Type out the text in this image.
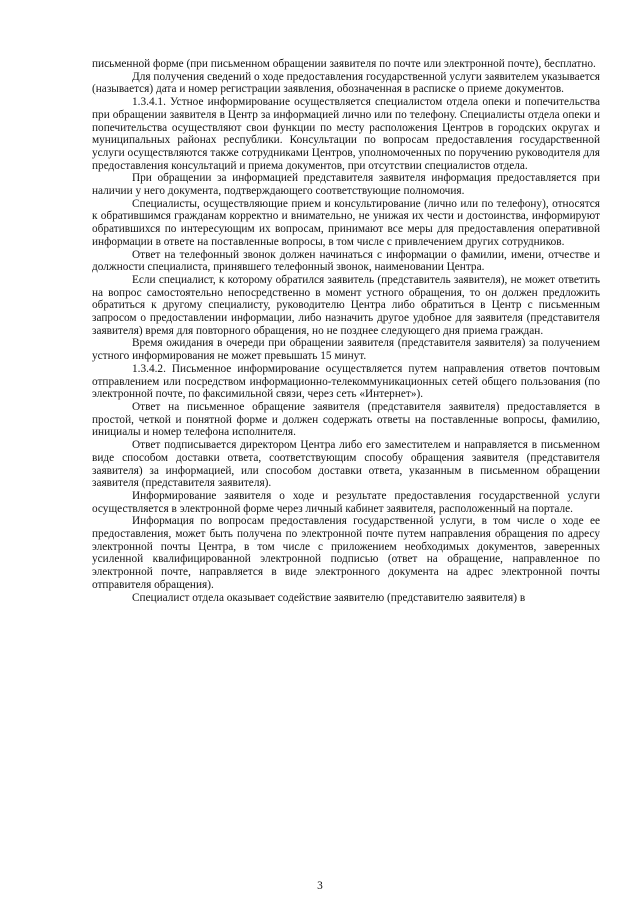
письменной форме (при письменном обращении заявителя по почте или электронной почте), бесплатно.

Для получения сведений о ходе предоставления государственной услуги заявителем указывается (называется) дата и номер регистрации заявления, обозначенная в расписке о приеме документов.

1.3.4.1. Устное информирование осуществляется специалистом отдела опеки и попечительства при обращении заявителя в Центр за информацией лично или по телефону. Специалисты отдела опеки и попечительства осуществляют свои функции по месту расположения Центров в городских округах и муниципальных районах республики. Консультации по вопросам предоставления государственной услуги осуществляются также сотрудниками Центров, уполномоченных по поручению руководителя для предоставления консультаций и приема документов, при отсутствии специалистов отдела.

При обращении за информацией представителя заявителя информация предоставляется при наличии у него документа, подтверждающего соответствующие полномочия.

Специалисты, осуществляющие прием и консультирование (лично или по телефону), относятся к обратившимся гражданам корректно и внимательно, не унижая их чести и достоинства, информируют обратившихся по интересующим их вопросам, принимают все меры для предоставления оперативной информации в ответе на поставленные вопросы, в том числе с привлечением других сотрудников.

Ответ на телефонный звонок должен начинаться с информации о фамилии, имени, отчестве и должности специалиста, принявшего телефонный звонок, наименовании Центра.

Если специалист, к которому обратился заявитель (представитель заявителя), не может ответить на вопрос самостоятельно непосредственно в момент устного обращения, то он должен предложить обратиться к другому специалисту, руководителю Центра либо обратиться в Центр с письменным запросом о предоставлении информации, либо назначить другое удобное для заявителя (представителя заявителя) время для повторного обращения, но не позднее следующего дня приема граждан.

Время ожидания в очереди при обращении заявителя (представителя заявителя) за получением устного информирования не может превышать 15 минут.

1.3.4.2. Письменное информирование осуществляется путем направления ответов почтовым отправлением или посредством информационно-телекоммуникационных сетей общего пользования (по электронной почте, по факсимильной связи, через сеть «Интернет»).

Ответ на письменное обращение заявителя (представителя заявителя) предоставляется в простой, четкой и понятной форме и должен содержать ответы на поставленные вопросы, фамилию, инициалы и номер телефона исполнителя.

Ответ подписывается директором Центра либо его заместителем и направляется в письменном виде способом доставки ответа, соответствующим способу обращения заявителя (представителя заявителя) за информацией, или способом доставки ответа, указанным в письменном обращении заявителя (представителя заявителя).

Информирование заявителя о ходе и результате предоставления государственной услуги осуществляется в электронной форме через личный кабинет заявителя, расположенный на портале.

Информация по вопросам предоставления государственной услуги, в том числе о ходе ее предоставления, может быть получена по электронной почте путем направления обращения по адресу электронной почты Центра, в том числе с приложением необходимых документов, заверенных усиленной квалифицированной электронной подписью (ответ на обращение, направленное по электронной почте, направляется в виде электронного документа на адрес электронной почты отправителя обращения).

Специалист отдела оказывает содействие заявителю (представителю заявителя) в

3
